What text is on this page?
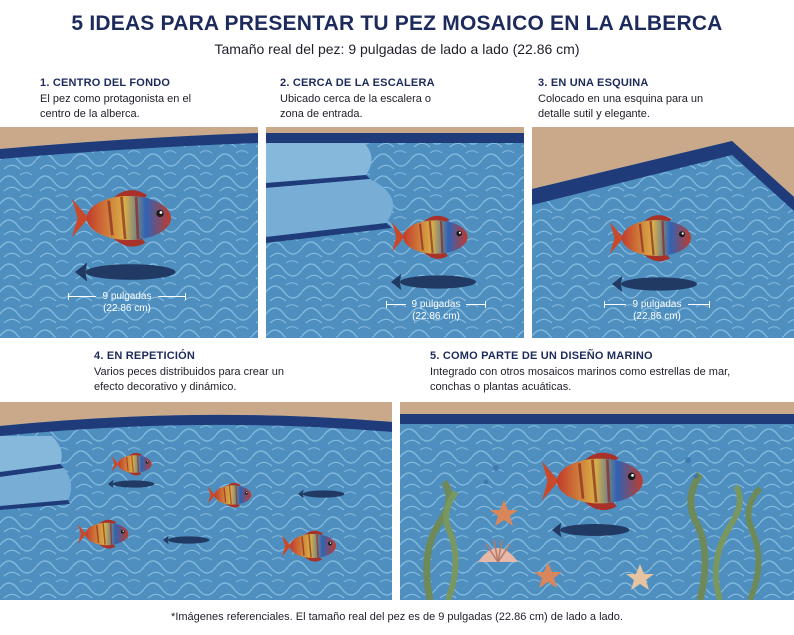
5 IDEAS PARA PRESENTAR TU PEZ MOSAICO EN LA ALBERCA
Tamaño real del pez: 9 pulgadas de lado a lado (22.86 cm)
1. CENTRO DEL FONDO
El pez como protagonista en el
centro de la alberca.
2. CERCA DE LA ESCALERA
Ubicado cerca de la escalera o
zona de entrada.
3. EN UNA ESQUINA
Colocado en una esquina para un
detalle sutil y elegante.
9 pulgadas
(22.86 cm)	9 pulgadas
(22.86 cm)
9 pulgadas
(22.86 cm)
4. EN REPETICIÓN
Varios peces distribuidos para crear un
efecto decorativo y dinámico.
5. COMO PARTE DE UN DISEÑO MARINO
Integrado con otros mosaicos marinos como estrellas de mar,
conchas o plantas acuáticas.
*Imágenes referenciales. El tamaño real del pez es de 9 pulgadas (22.86 cm) de lado a lado.
